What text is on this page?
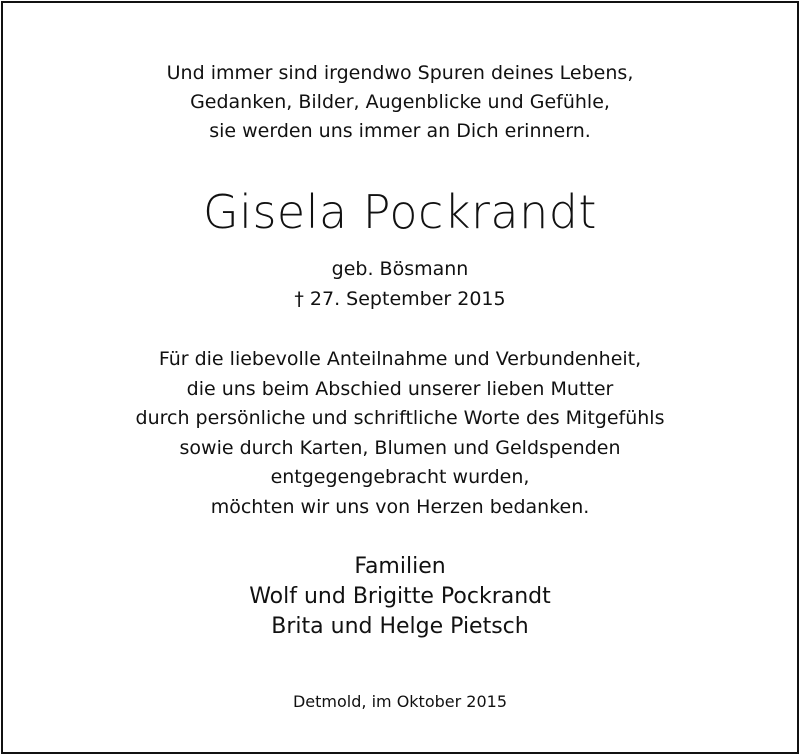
Und immer sind irgendwo Spuren deines Lebens,
Gedanken, Bilder, Augenblicke und Gefühle,
sie werden uns immer an Dich erinnern.
Gisela Pockrandt
geb. Bösmann
† 27. September 2015
Für die liebevolle Anteilnahme und Verbundenheit,
die uns beim Abschied unserer lieben Mutter
durch persönliche und schriftliche Worte des Mitgefühls
sowie durch Karten, Blumen und Geldspenden
entgegengebracht wurden,
möchten wir uns von Herzen bedanken.
Familien
Wolf und Brigitte Pockrandt
Brita und Helge Pietsch
Detmold, im Oktober 2015
